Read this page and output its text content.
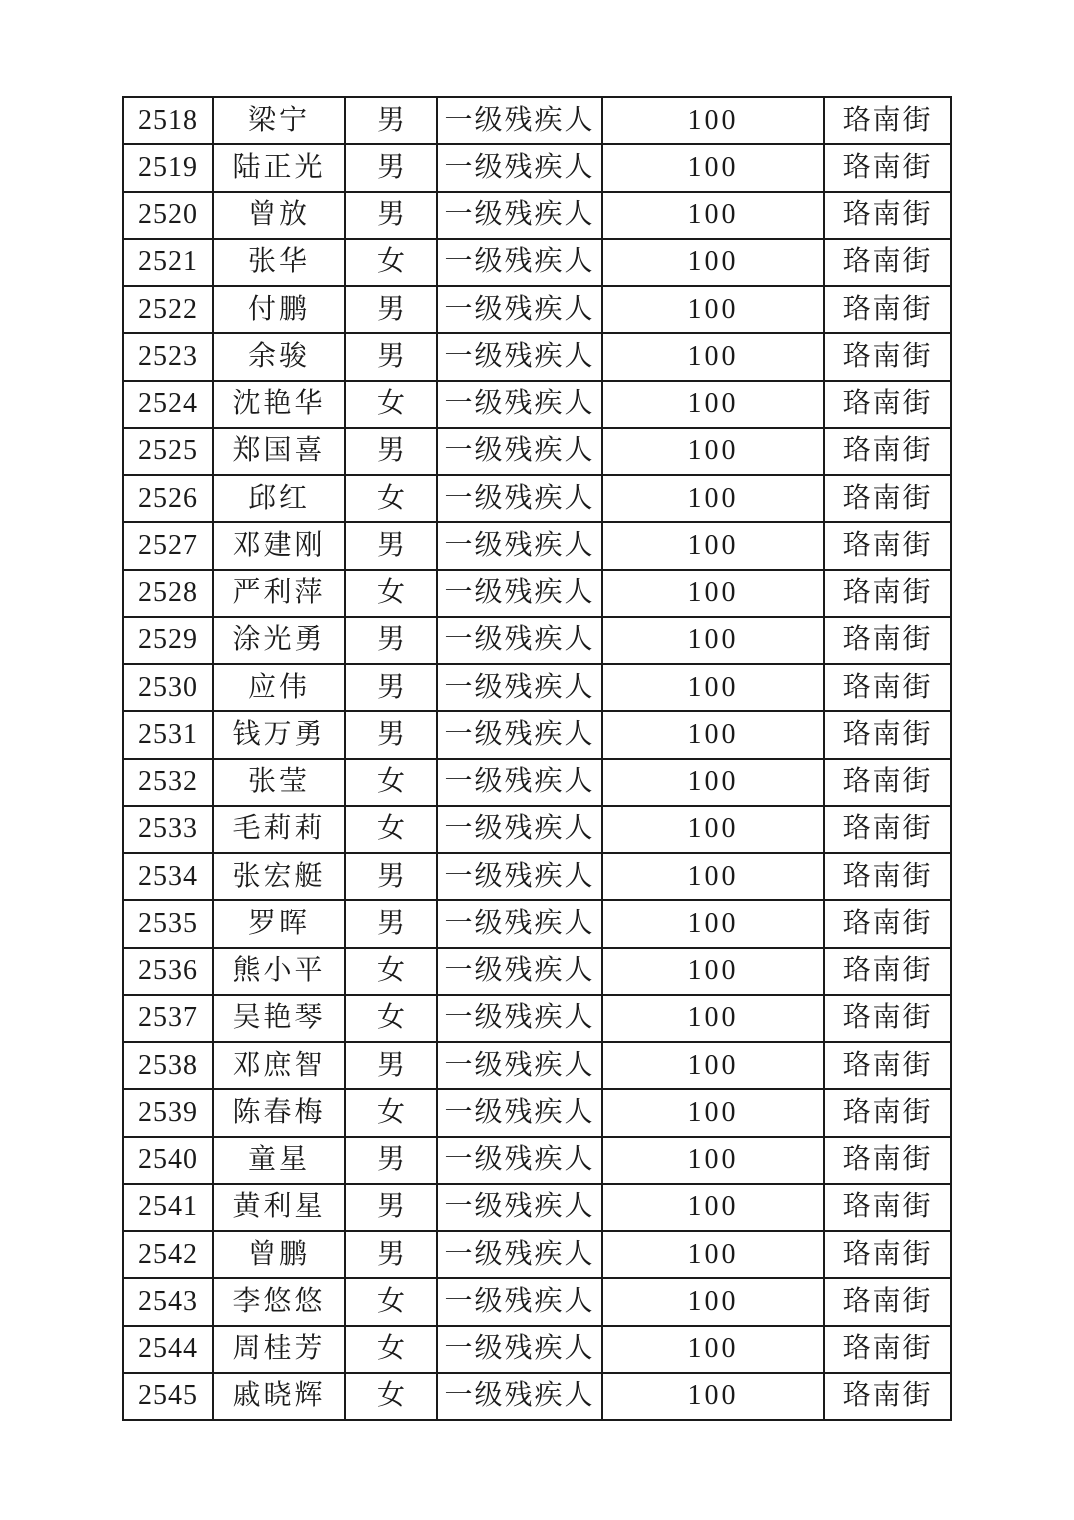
2518	梁宁	男	一级残疾人	100	珞南街
2519	陆正光	男	一级残疾人	100	珞南街
2520	曾放	男	一级残疾人	100	珞南街
2521	张华	女	一级残疾人	100	珞南街
2522	付鹏	男	一级残疾人	100	珞南街
2523	余骏	男	一级残疾人	100	珞南街
2524	沈艳华	女	一级残疾人	100	珞南街
2525	郑国喜	男	一级残疾人	100	珞南街
2526	邱红	女	一级残疾人	100	珞南街
2527	邓建刚	男	一级残疾人	100	珞南街
2528	严利萍	女	一级残疾人	100	珞南街
2529	涂光勇	男	一级残疾人	100	珞南街
2530	应伟	男	一级残疾人	100	珞南街
2531	钱万勇	男	一级残疾人	100	珞南街
2532	张莹	女	一级残疾人	100	珞南街
2533	毛莉莉	女	一级残疾人	100	珞南街
2534	张宏艇	男	一级残疾人	100	珞南街
2535	罗晖	男	一级残疾人	100	珞南街
2536	熊小平	女	一级残疾人	100	珞南街
2537	吴艳琴	女	一级残疾人	100	珞南街
2538	邓庶智	男	一级残疾人	100	珞南街
2539	陈春梅	女	一级残疾人	100	珞南街
2540	童星	男	一级残疾人	100	珞南街
2541	黄利星	男	一级残疾人	100	珞南街
2542	曾鹏	男	一级残疾人	100	珞南街
2543	李悠悠	女	一级残疾人	100	珞南街
2544	周桂芳	女	一级残疾人	100	珞南街
2545	戚晓辉	女	一级残疾人	100	珞南街
